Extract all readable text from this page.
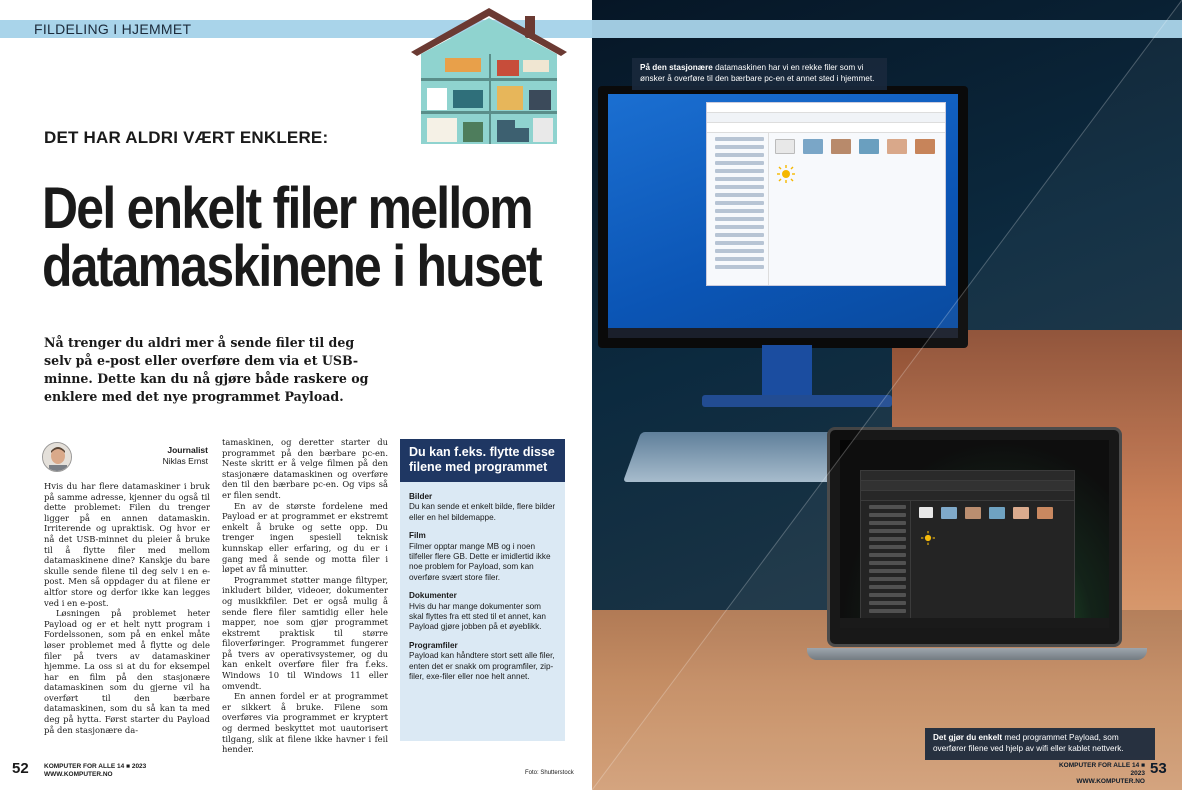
FILDELING I HJEMMET
DET HAR ALDRI VÆRT ENKLERE:
Del enkelt filer mellom
datamaskinene i huset
Nå trenger du aldri mer å sende filer til deg selv på e-post eller overføre dem via et USB-minne. Dette kan du nå gjøre både raskere og enklere med det nye programmet Payload.
Journalist
Niklas Ernst

Hvis du har flere datamaskiner i bruk på samme adresse, kjenner du også til dette problemet: Filen du trenger ligger på en annen datamaskin. Irriterende og upraktisk. Og hvor er nå det USB-minnet du pleier å bruke til å flytte filer med mellom datamaskinene dine? Kanskje du bare skulle sende filene til deg selv i en e-post. Men så oppdager du at filene er altfor store og derfor ikke kan legges ved i en e-post.

Løsningen på problemet heter Payload og er et helt nytt program i Fordelssonen, som på en enkel måte løser problemet med å flytte og dele filer på tvers av datamaskiner hjemme. La oss si at du for eksempel har en film på den stasjonære datamaskinen som du gjerne vil ha overført til den bærbare datamaskinen, som du så kan ta med deg på hytta. Først starter du Payload på den stasjonære da-

tamaskinen, og deretter starter du programmet på den bærbare pc-en. Neste skritt er å velge filmen på den stasjonære datamaskinen og overføre den til den bærbare pc-en. Og vips så er filen sendt.

En av de største fordelene med Payload er at programmet er ekstremt enkelt å bruke og sette opp. Du trenger ingen spesiell teknisk kunnskap eller erfaring, og du er i gang med å sende og motta filer i løpet av få minutter.

Programmet støtter mange filtyper, inkludert bilder, videoer, dokumenter og musikkfiler. Det er også mulig å sende flere filer samtidig eller hele mapper, noe som gjør programmet ekstremt praktisk til større filoverføringer. Programmet fungerer på tvers av operativsystemer, og du kan enkelt overføre filer fra f.eks. Windows 10 til Windows 11 eller omvendt.

En annen fordel er at programmet er sikkert å bruke. Filene som overføres via programmet er kryptert og dermed beskyttet mot uautorisert tilgang, slik at filene ikke havner i feil hender.

Du kan f.eks. flytte disse filene med programmet
Bilder
Du kan sende et enkelt bilde, flere bilder eller en hel bildemappe.
Film
Filmer opptar mange MB og i noen tilfeller flere GB. Dette er imidlertid ikke noe problem for Payload, som kan overføre svært store filer.
Dokumenter
Hvis du har mange dokumenter som skal flyttes fra ett sted til et annet, kan Payload gjøre jobben på et øyeblikk.
Programfiler
Payload kan håndtere stort sett alle filer, enten det er snakk om programfiler, zip-filer, exe-filer eller noe helt annet.
52 KOMPUTER FOR ALLE 14 ■ 2023
WWW.KOMPUTER.NO	Foto: Shutterstock
På den stasjonære datamaskinen har vi en rekke filer som vi ønsker å overføre til den bærbare pc-en et annet sted i hjemmet.
Det gjør du enkelt med programmet Payload, som overfører filene ved hjelp av wifi eller kablet nettverk.
KOMPUTER FOR ALLE 14 ■ 2023
WWW.KOMPUTER.NO
53
